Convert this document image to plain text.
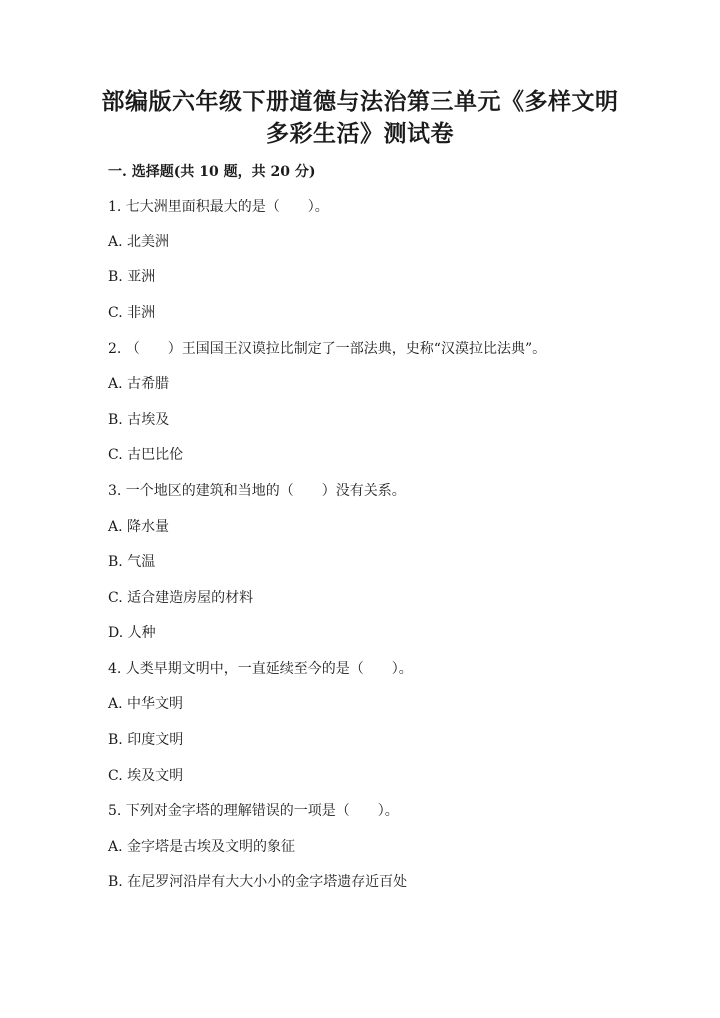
部编版六年级下册道德与法治第三单元《多样文明
多彩生活》测试卷
一. 选择题(共 10 题，共 20 分)
1. 七大洲里面积最大的是（　　）。
A. 北美洲
B. 亚洲
C. 非洲
2. （　　）王国国王汉谟拉比制定了一部法典，史称“汉漠拉比法典”。
A. 古希腊
B. 古埃及
C. 古巴比伦
3. 一个地区的建筑和当地的（　　）没有关系。
A. 降水量
B. 气温
C. 适合建造房屋的材料
D. 人种
4. 人类早期文明中，一直延续至今的是（　　）。
A. 中华文明
B. 印度文明
C. 埃及文明
5. 下列对金字塔的理解错误的一项是（　　）。
A. 金字塔是古埃及文明的象征
B. 在尼罗河沿岸有大大小小的金字塔遗存近百处
